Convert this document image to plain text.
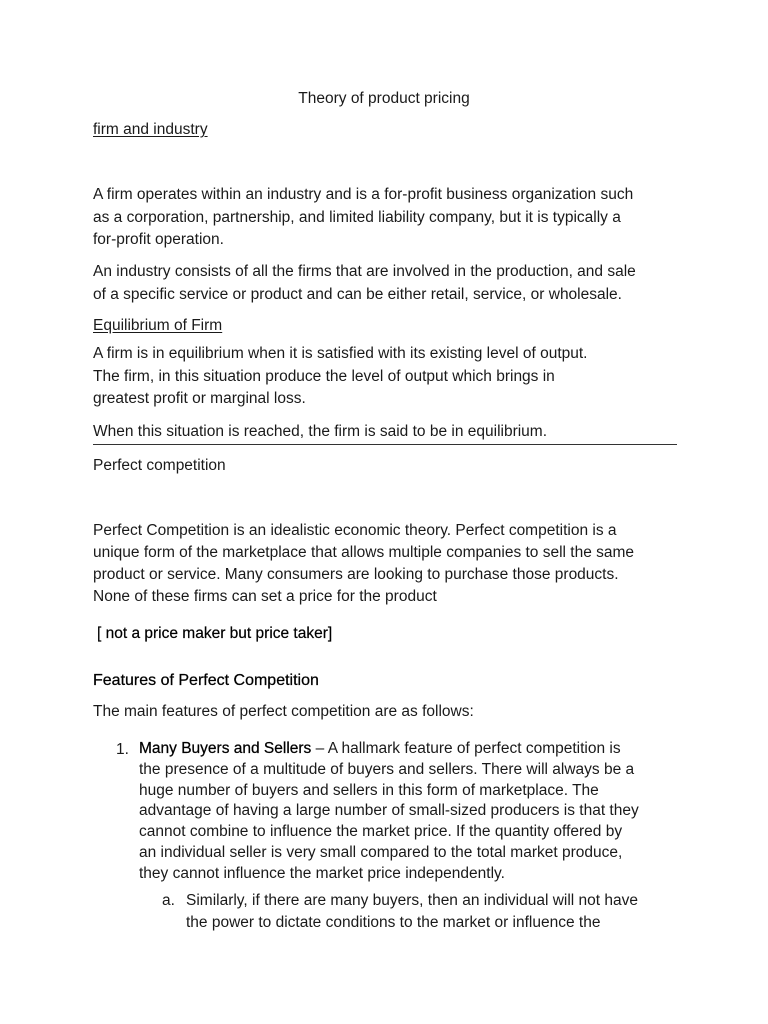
Theory of product pricing
firm and industry
A firm operates within an industry and is a for-profit business organization such
as a corporation, partnership, and limited liability company, but it is typically a
for-profit operation.
An industry consists of all the firms that are involved in the production, and sale
of a specific service or product and can be either retail, service, or wholesale.
Equilibrium of Firm
A firm is in equilibrium when it is satisfied with its existing level of output.
The firm, in this situation produce the level of output which brings in
greatest profit or marginal loss.
When this situation is reached, the firm is said to be in equilibrium.
Perfect competition
Perfect Competition is an idealistic economic theory. Perfect competition is a
unique form of the marketplace that allows multiple companies to sell the same
product or service. Many consumers are looking to purchase those products.
None of these firms can set a price for the product
[ not a price maker but price taker]
Features of Perfect Competition
The main features of perfect competition are as follows:
1. Many Buyers and Sellers – A hallmark feature of perfect competition is
the presence of a multitude of buyers and sellers. There will always be a
huge number of buyers and sellers in this form of marketplace. The
advantage of having a large number of small-sized producers is that they
cannot combine to influence the market price. If the quantity offered by
an individual seller is very small compared to the total market produce,
they cannot influence the market price independently.
a. Similarly, if there are many buyers, then an individual will not have
the power to dictate conditions to the market or influence the
